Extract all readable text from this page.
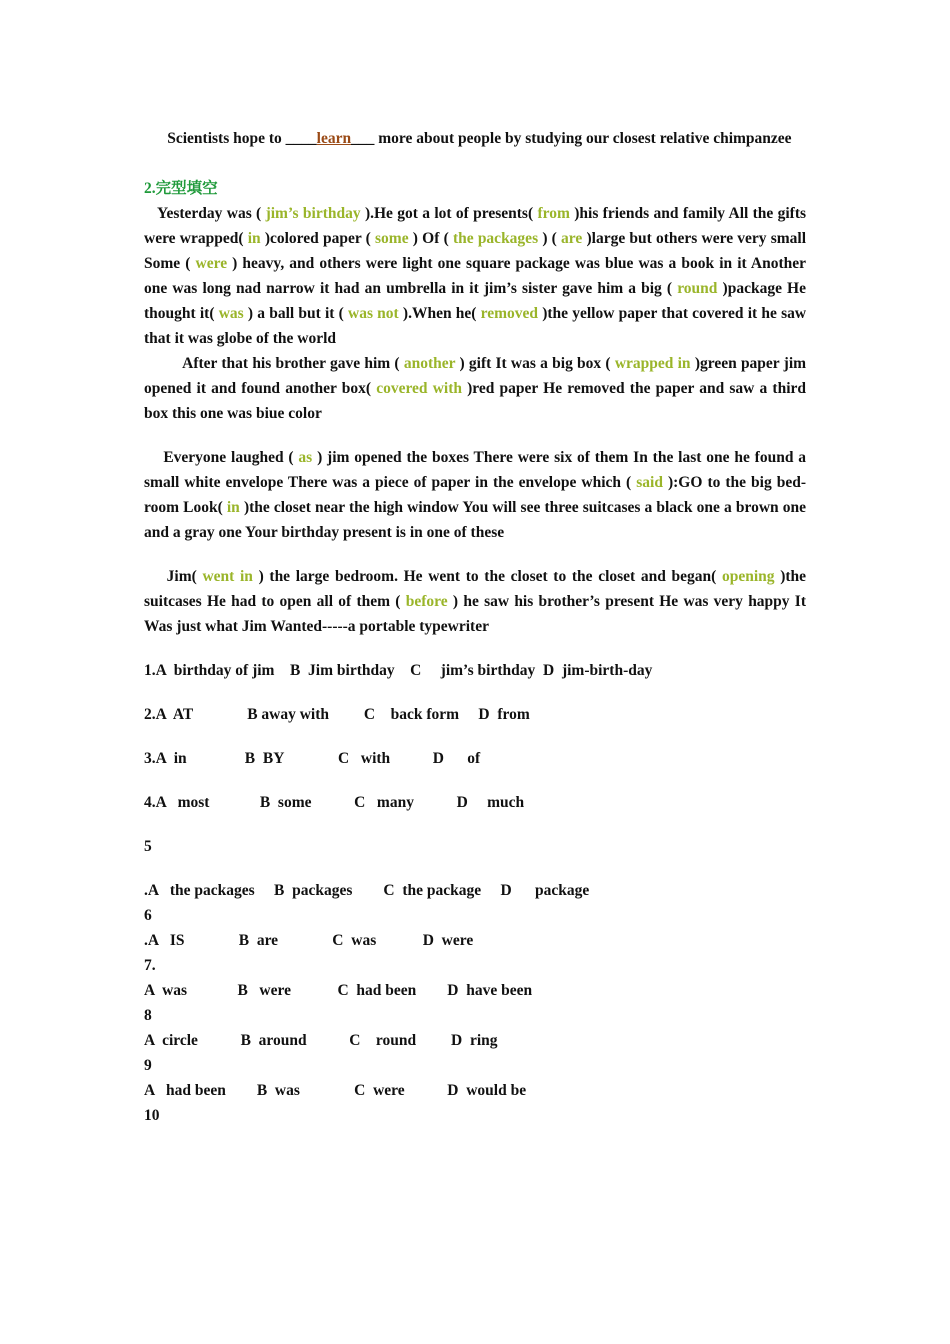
Scientists hope to ____learn___ more about people by studying our closest relative chimpanzee

2.完型填空

Yesterday was ( jim’s birthday ).He got a lot of presents( from )his friends and family All the gifts were wrapped( in )colored paper ( some ) Of ( the packages ) ( are )large but others were very small Some ( were ) heavy, and others were light one square package was blue was a book in it Another one was long nad narrow it had an umbrella in it jim’s sister gave him a big ( round )package He thought it( was ) a ball but it ( was not ).When he( removed )the yellow paper that covered it he saw that it was globe of the world

After that his brother gave him ( another ) gift It was a big box ( wrapped in )green paper jim opened it and found another box( covered with )red paper He removed the paper and saw a third box this one was biue color

Everyone laughed ( as ) jim opened the boxes There were six of them In the last one he found a small white envelope There was a piece of paper in the envelope which ( said ):GO to the big bed-room Look( in )the closet near the high window You will see three suitcases a black one a brown one and a gray one Your birthday present is in one of these

Jim( went in ) the large bedroom. He went to the closet to the closet and began( opening )the suitcases He had to open all of them ( before ) he saw his brother’s present He was very happy It Was just what Jim Wanted-----a portable typewriter

1.A  birthday of jim    B  Jim birthday    C     jim’s birthday  D  jim-birth-day

2.A  AT              B away with         C    back form     D  from

3.A  in               B  BY              C   with           D      of

4.A   most             B  some           C   many           D     much

5

.A   the packages     B  packages        C  the package     D      package

6

.A   IS              B  are              C  was            D  were

7.

A  was             B   were            C  had been        D  have been

8

A  circle           B  around           C    round         D  ring

9

A   had been        B  was              C  were           D  would be

10
